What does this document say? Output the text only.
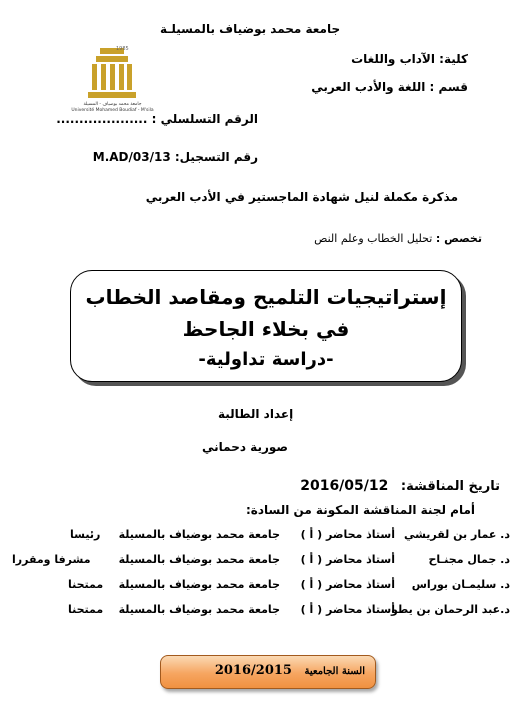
جامعة محمد بوضياف بالمسيلـة
كلية: الآداب واللغات
قسم : اللغة والأدب العربي
1985
جامعة محمد بوضياف - المسيلة
Université Mohamed Boudiaf - M'sila
الرقم التسلسلي : ....................
رقم التسجيل: M.AD/03/13
مذكرة مكملة لنيل شهادة الماجستير في الأدب العربي
تخصص : تحليل الخطاب وعلم النص
إستراتيجيات التلميح ومقاصد الخطاب
في بخلاء الجاحظ
-دراسة تداولية-
إعداد الطالبة
صورية دحماني
تاريخ المناقشة: 2016/05/12
أمام لجنة المناقشة المكونة من السادة:
د. عمار بن لقريشي
أستاذ محاضر ( أ )
جامعة محمد بوضياف بالمسيلة
رئيسا
د. جمال مجنـاح
أستاذ محاضر ( أ )
جامعة محمد بوضياف بالمسيلة
مشرفا ومقررا
د. سليمـان بوراس
أستاذ محاضر ( أ )
جامعة محمد بوضياف بالمسيلة
ممتحنا
د.عبد الرحمان بن يطو
أستاذ محاضر ( أ )
جامعة محمد بوضياف بالمسيلة
ممتحنا
السنة الجامعية 2016/2015
